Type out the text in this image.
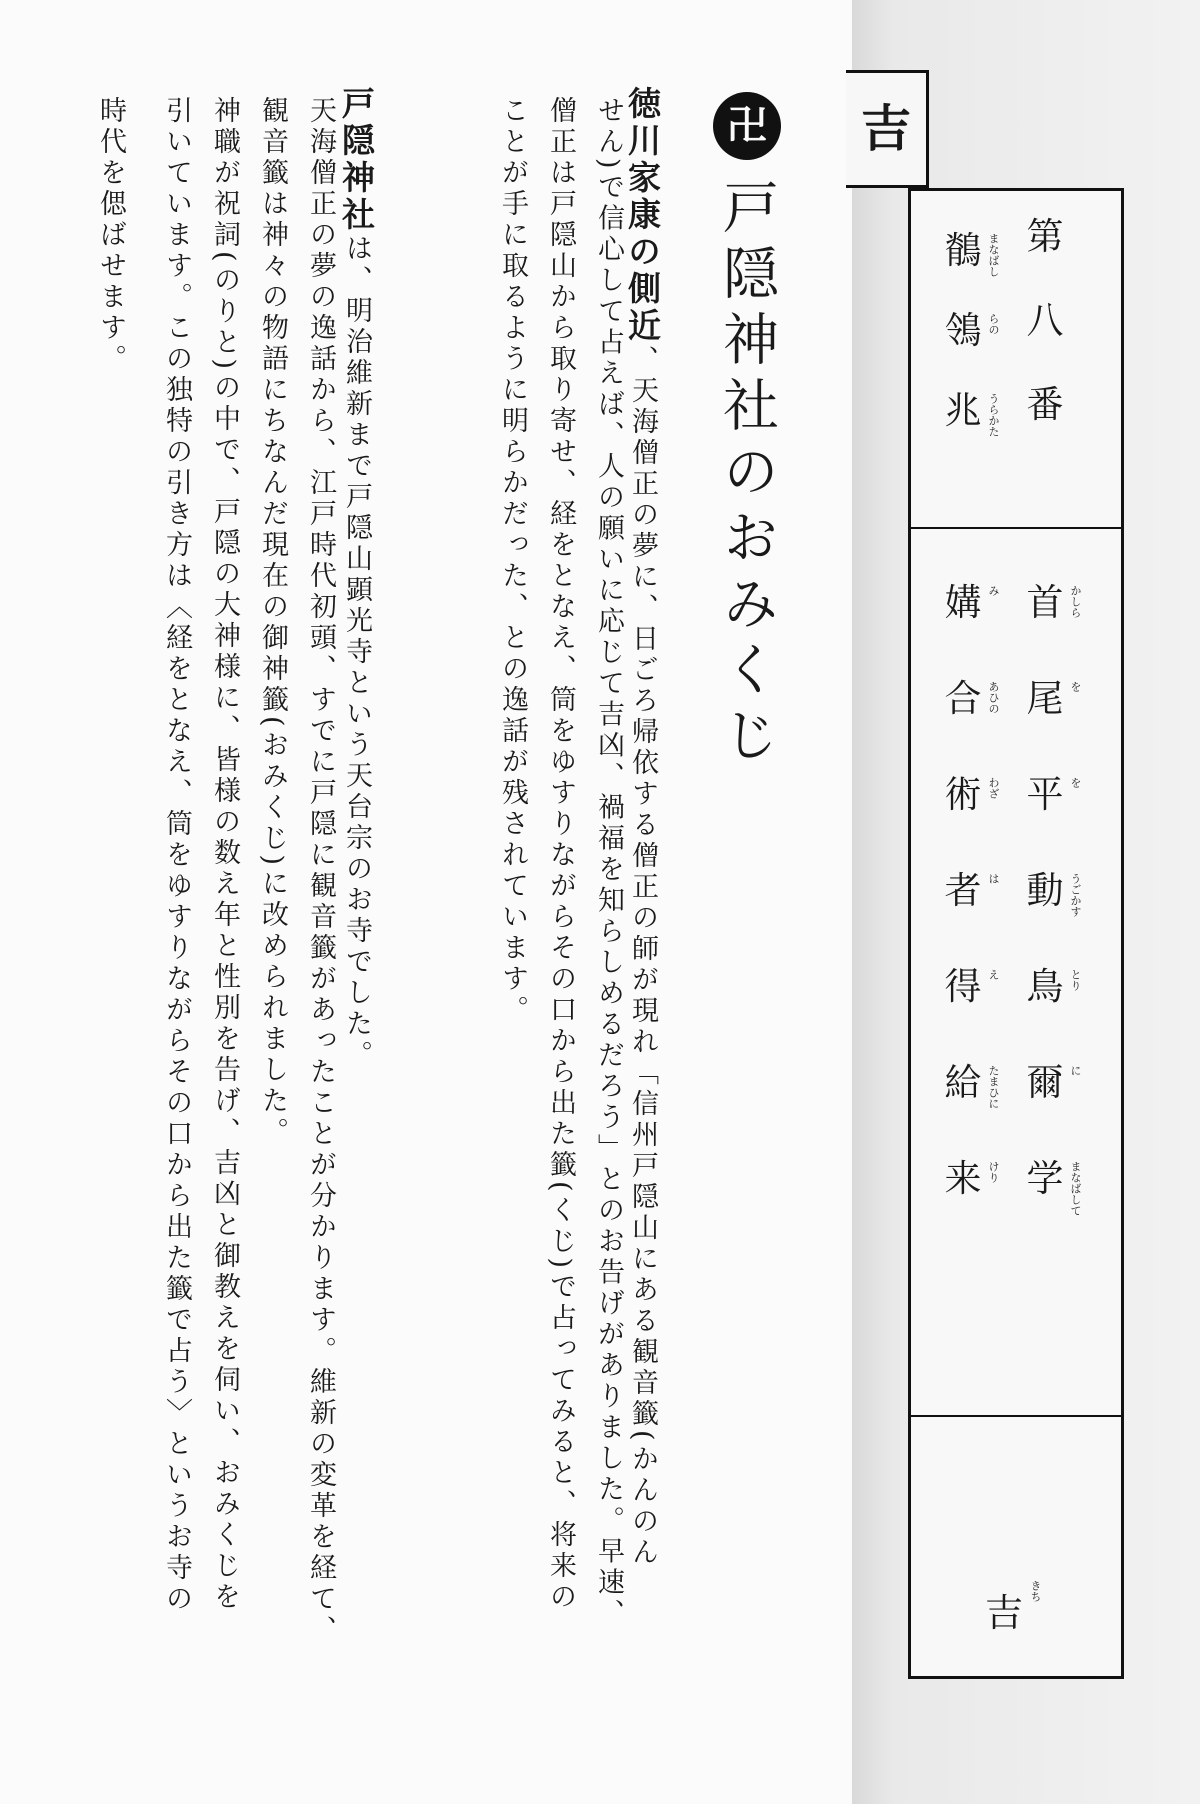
卍
戸隠神社のおみくじ
徳川家康の側近、天海僧正の夢に、日ごろ帰依する僧正の師が現れ「信州戸隠山にある観音籤(かんのん
せん)で信心して占えば、人の願いに応じて吉凶、禍福を知らしめるだろう」とのお告げがありました。早速、
僧正は戸隠山から取り寄せ、経をとなえ、筒をゆすりながらその口から出た籤(くじ)で占ってみると、将来の
ことが手に取るように明らかだった、との逸話が残されています。
戸隠神社は、明治維新まで戸隠山顕光寺という天台宗のお寺でした。
天海僧正の夢の逸話から、江戸時代初頭、すでに戸隠に観音籤があったことが分かります。維新の変革を経て、
観音籤は神々の物語にちなんだ現在の御神籤(おみくじ)に改められました。
神職が祝詞(のりと)の中で、戸隠の大神様に、皆様の数え年と性別を告げ、吉凶と御教えを伺い、おみくじを
引いています。この独特の引き方は〈経をとなえ、筒をゆすりながらその口から出た籤で占う〉というお寺の
時代を偲ばせます。	吉
第
八
番
鶺 まなばし
鴒 らの
兆 うらかた
首 かしら
尾 を
平 を
動 うごかす
鳥 とり
爾 に
学 まなばして
媾 み
合 あひの
術 わざ
者 は
得 え
給 たまひに
来 けり
吉 きち
